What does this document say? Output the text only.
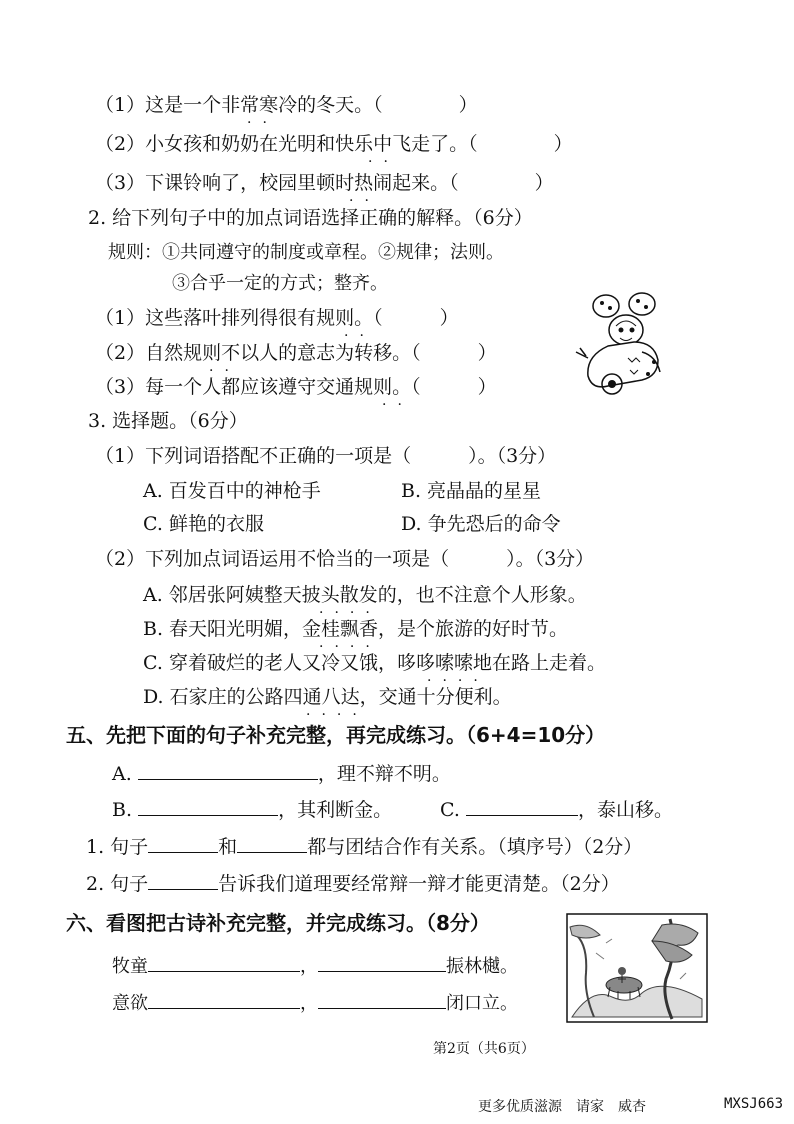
（1）这是一个非常寒冷的冬天。（　　　　）
（2）小女孩和奶奶在光明和快乐中飞走了。（　　　　）
（3）下课铃响了，校园里顿时热闹起来。（　　　　）
··
··
··
2. 给下列句子中的加点词语选择正确的解释。（6分）
规则：①共同遵守的制度或章程。②规律；法则。
③合乎一定的方式；整齐。
（1）这些落叶排列得很有规则。（　　　）
（2）自然规则不以人的意志为转移。（　　　）
（3）每一个人都应该遵守交通规则。（　　　）
··
··
··
3. 选择题。（6分）
（1）下列词语搭配不正确的一项是（　　　）。（3分）
A. 百发百中的神枪手	B. 亮晶晶的星星
C. 鲜艳的衣服	D. 争先恐后的命令
（2）下列加点词语运用不恰当的一项是（　　　）。（3分）
A. 邻居张阿姨整天披头散发的，也不注意个人形象。
B. 春天阳光明媚，金桂飘香，是个旅游的好时节。
C. 穿着破烂的老人又冷又饿，哆哆嗦嗦地在路上走着。
D. 石家庄的公路四通八达，交通十分便利。
····
····
····
····
五、先把下面的句子补充完整，再完成练习。（6+4=10分）
A.	，理不辩不明。
B.	，其利断金。	C.	，泰山移。
1. 句子	和	都与团结合作有关系。（填序号）（2分）
2. 句子	告诉我们道理要经常辩一辩才能更清楚。（2分）
六、看图把古诗补充完整，并完成练习。（8分）
牧童	，	振林樾。
意欲	，	闭口立。
第2页（共6页）
更多优质滋源　请家　威杏	MXSJ663
